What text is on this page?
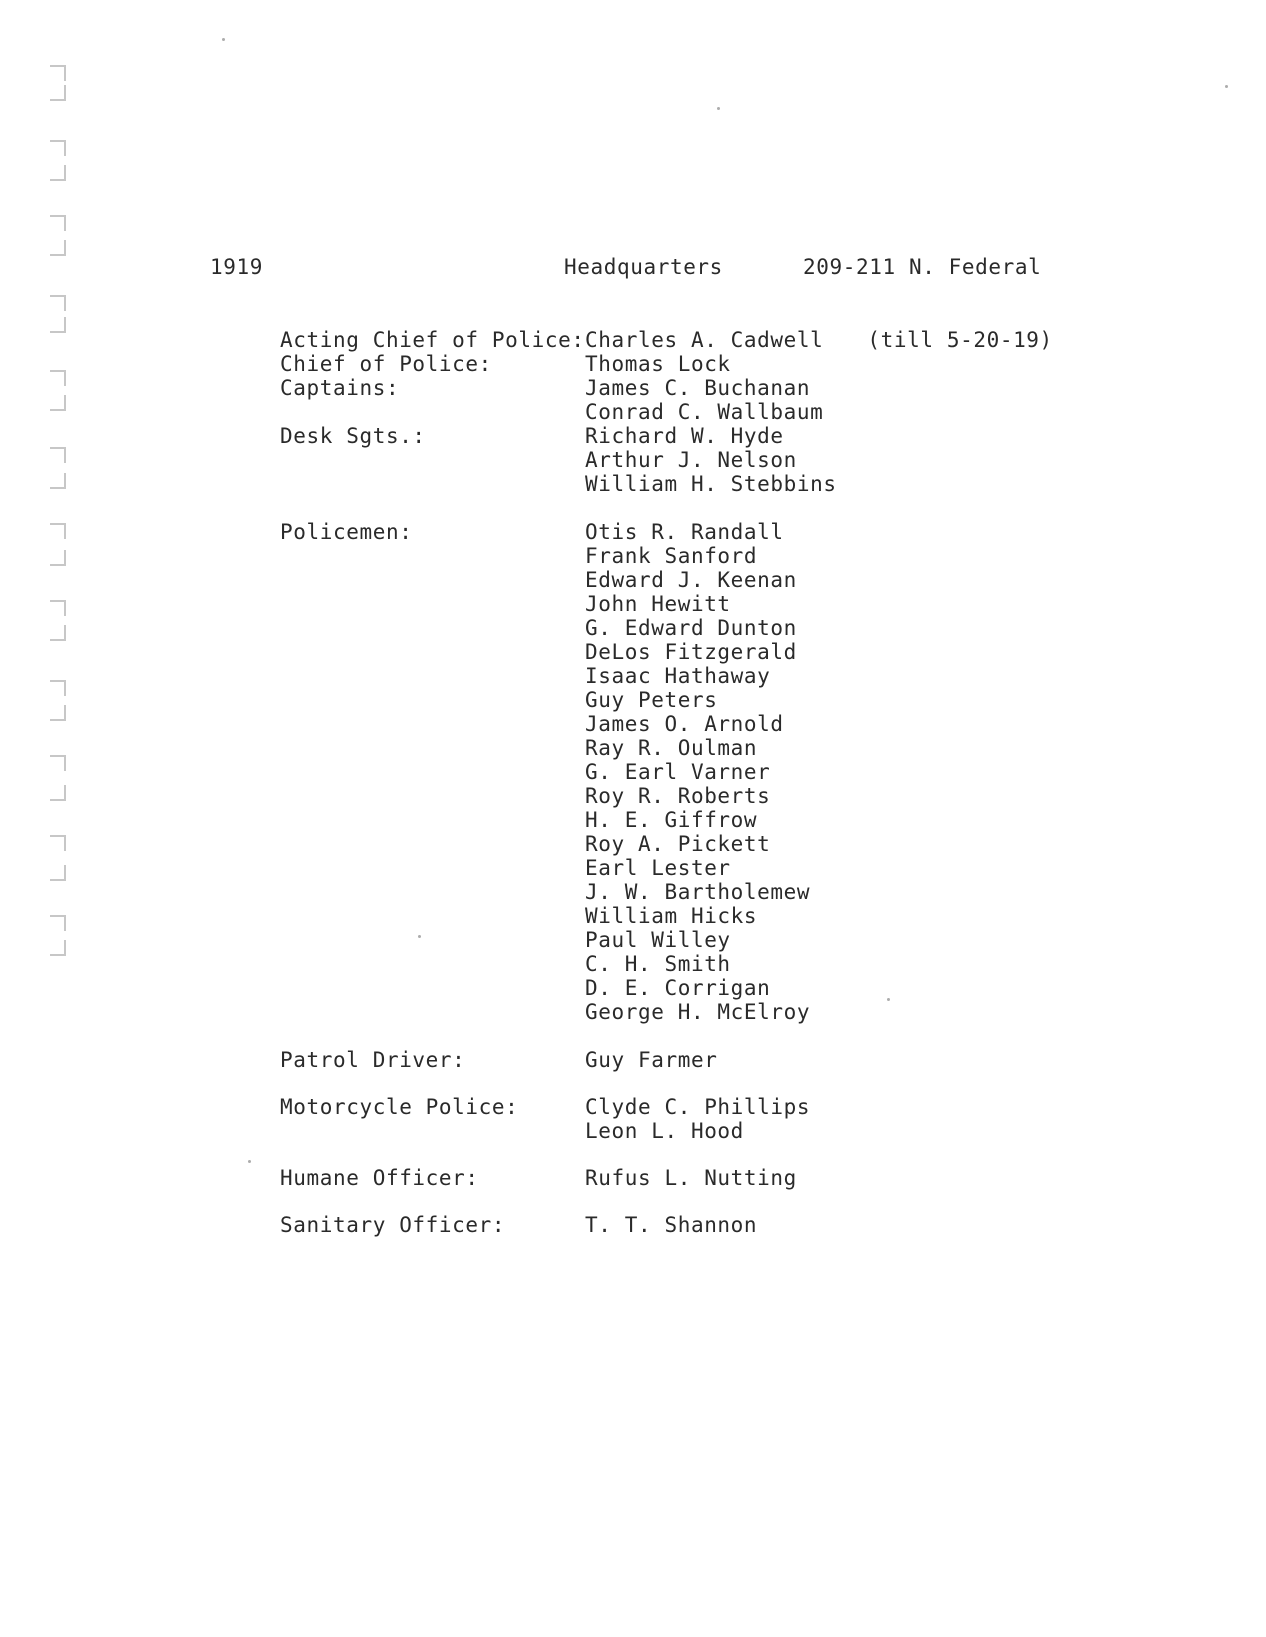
1919	Headquarters	209-211 N. Federal
Acting Chief of Police: Charles A. Cadwell (till 5-20-19)
Chief of Police:	Thomas Lock
Captains:	James C. Buchanan
Conrad C. Wallbaum
Desk Sgts.:	Richard W. Hyde
Arthur J. Nelson
William H. Stebbins
Policemen:	Otis R. Randall
Frank Sanford
Edward J. Keenan
John Hewitt
G. Edward Dunton
DeLos Fitzgerald
Isaac Hathaway
Guy Peters
James O. Arnold
Ray R. Oulman
G. Earl Varner
Roy R. Roberts
H. E. Giffrow
Roy A. Pickett
Earl Lester
J. W. Bartholemew
William Hicks
Paul Willey
C. H. Smith
D. E. Corrigan
George H. McElroy
Patrol Driver:	Guy Farmer
Motorcycle Police:	Clyde C. Phillips
Leon L. Hood
Humane Officer:	Rufus L. Nutting
Sanitary Officer:	T. T. Shannon
